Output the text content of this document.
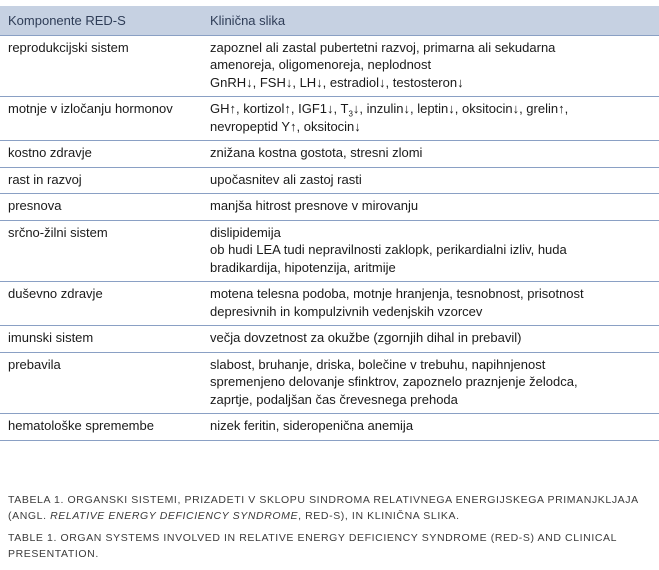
Komponente RED-S	Klinična slika
reprodukcijski sistem	zapoznel ali zastal pubertetni razvoj, primarna ali sekudarna
amenoreja, oligomenoreja, neplodnost
GnRH↓, FSH↓, LH↓, estradiol↓, testosteron↓

motnje v izločanju hormonov	GH↑, kortizol↑, IGF1↓, $T_3↓$, inzulin↓, leptin↓, oksitocin↓, grelin↑,
nevropeptid Y↑, oksitocin↓

kostno zdravje	znižana kostna gostota, stresni zlomi

rast in razvoj	upočasnitev ali zastoj rasti

presnova	manjša hitrost presnove v mirovanju

srčno-žilni sistem	dislipidemija
ob hudi LEA tudi nepravilnosti zaklopk, perikardialni izliv, huda
bradikardija, hipotenzija, aritmije

duševno zdravje	motena telesna podoba, motnje hranjenja, tesnobnost, prisotnost
depresivnih in kompulzivnih vedenjskih vzorcev

imunski sistem	večja dovzetnost za okužbe (zgornjih dihal in prebavil)

prebavila	slabost, bruhanje, driska, bolečine v trebuhu, napihnjenost
spremenjeno delovanje sfinktrov, zapoznelo praznjenje želodca,
zaprtje, podaljšan čas črevesnega prehoda

hematološke spremembe	nizek feritin, sideropenična anemija
TABELA 1. ORGANSKI SISTEMI, PRIZADETI V SKLOPU SINDROMA RELATIVNEGA ENERGIJSKEGA PRIMANJKLJAJA
(ANGL. RELATIVE ENERGY DEFICIENCY SYNDROME, RED-S), IN KLINIČNA SLIKA.
TABLE 1. ORGAN SYSTEMS INVOLVED IN RELATIVE ENERGY DEFICIENCY SYNDROME (RED-S) AND CLINICAL PRESENTATION.
